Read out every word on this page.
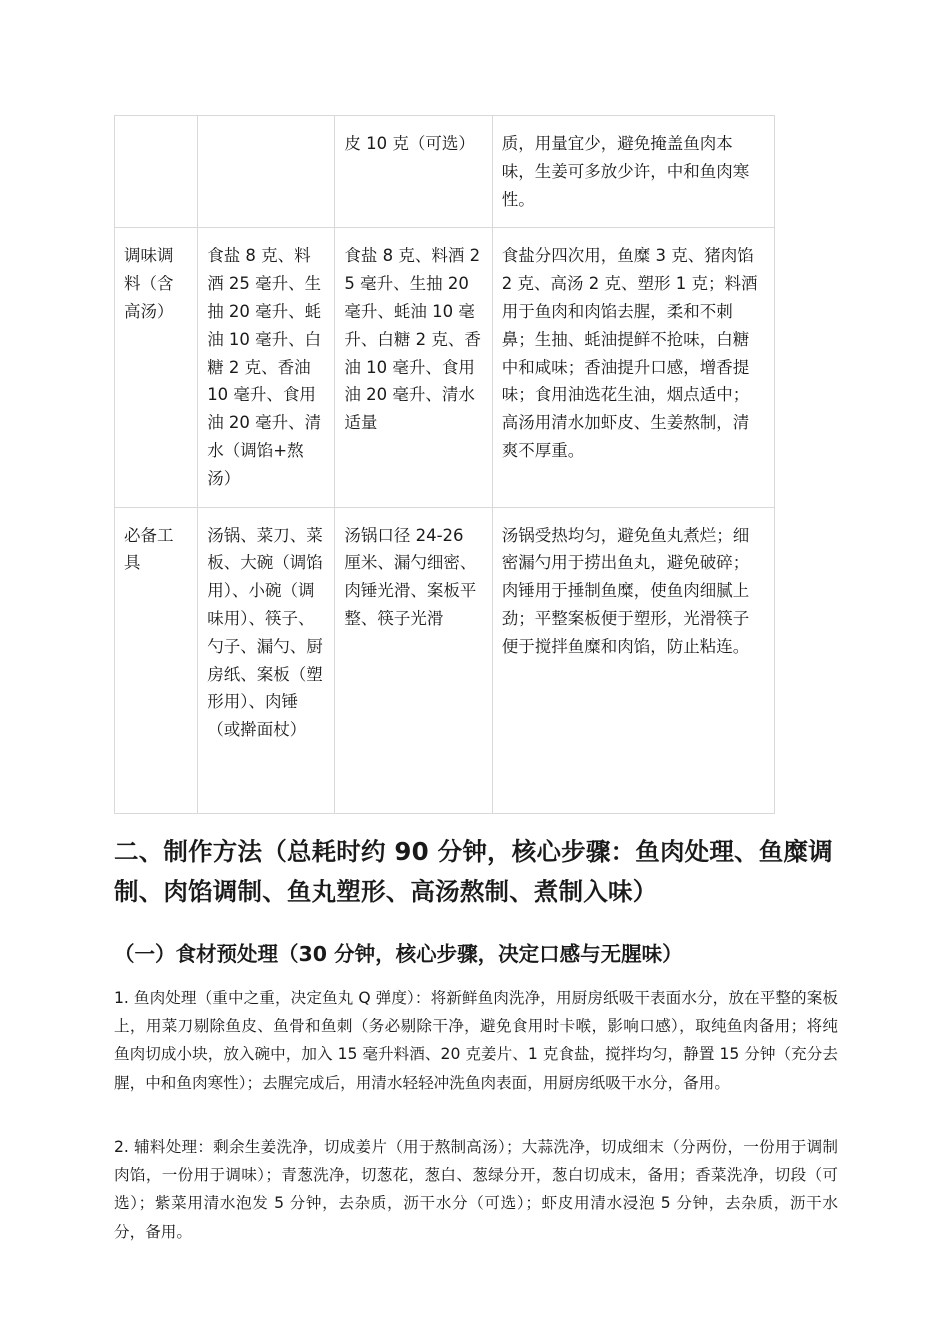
		皮 10 克（可选）	质，用量宜少，避免掩盖鱼肉本味，生姜可多放少许，中和鱼肉寒性。
调味调料（含高汤）	食盐 8 克、料酒 25 毫升、生抽 20 毫升、蚝油 10 毫升、白糖 2 克、香油 10 毫升、食用油 20 毫升、清水（调馅+熬汤）	食盐 8 克、料酒 25 毫升、生抽 20 毫升、蚝油 10 毫升、白糖 2 克、香油 10 毫升、食用油 20 毫升、清水适量	食盐分四次用，鱼糜 3 克、猪肉馅 2 克、高汤 2 克、塑形 1 克；料酒用于鱼肉和肉馅去腥，柔和不刺鼻；生抽、蚝油提鲜不抢味，白糖中和咸味；香油提升口感，增香提味；食用油选花生油，烟点适中；高汤用清水加虾皮、生姜熬制，清爽不厚重。
必备工具	汤锅、菜刀、菜板、大碗（调馅用）、小碗（调味用）、筷子、勺子、漏勺、厨房纸、案板（塑形用）、肉锤（或擀面杖）	汤锅口径 24-26 厘米、漏勺细密、肉锤光滑、案板平整、筷子光滑	汤锅受热均匀，避免鱼丸煮烂；细密漏勺用于捞出鱼丸，避免破碎；肉锤用于捶制鱼糜，使鱼肉细腻上劲；平整案板便于塑形，光滑筷子便于搅拌鱼糜和肉馅，防止粘连。
二、制作方法（总耗时约 90 分钟，核心步骤：鱼肉处理、鱼糜调制、肉馅调制、鱼丸塑形、高汤熬制、煮制入味）
（一）食材预处理（30 分钟，核心步骤，决定口感与无腥味）

1. 鱼肉处理（重中之重，决定鱼丸 Q 弹度）：将新鲜鱼肉洗净，用厨房纸吸干表面水分，放在平整的案板上，用菜刀剔除鱼皮、鱼骨和鱼刺（务必剔除干净，避免食用时卡喉，影响口感），取纯鱼肉备用；将纯鱼肉切成小块，放入碗中，加入 15 毫升料酒、20 克姜片、1 克食盐，搅拌均匀，静置 15 分钟（充分去腥，中和鱼肉寒性）；去腥完成后，用清水轻轻冲洗鱼肉表面，用厨房纸吸干水分，备用。

2. 辅料处理：剩余生姜洗净，切成姜片（用于熬制高汤）；大蒜洗净，切成细末（分两份，一份用于调制肉馅，一份用于调味）；青葱洗净，切葱花，葱白、葱绿分开，葱白切成末，备用；香菜洗净，切段（可选）；紫菜用清水泡发 5 分钟，去杂质，沥干水分（可选）；虾皮用清水浸泡 5 分钟，去杂质，沥干水分，备用。
